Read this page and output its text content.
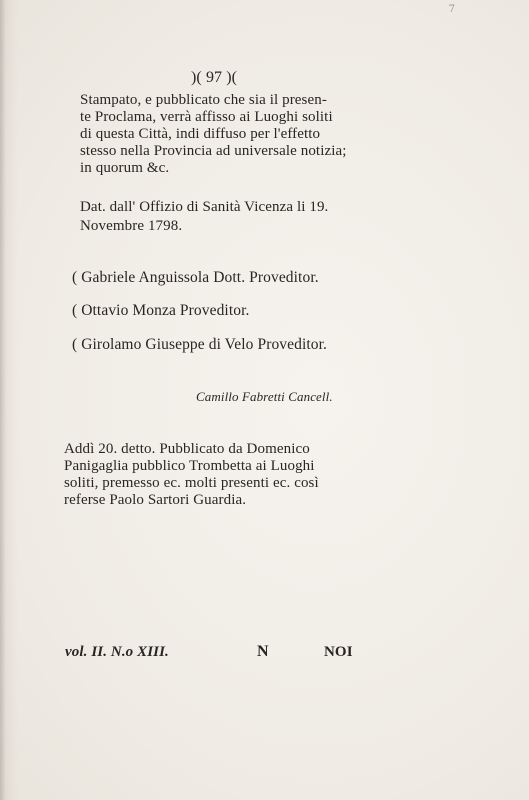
7
)( 97 )(
Stampato, e pubblicato che sia il presen-
te Proclama, verrà affisso ai Luoghi soliti
di questa Città, indi diffuso per l'effetto
stesso nella Provincia ad universale notizia;
in quorum &c.
Dat. dall' Offizio di Sanità Vicenza li 19.
Novembre 1798.
( Gabriele Anguissola Dott. Proveditor.
( Ottavio Monza Proveditor.
( Girolamo Giuseppe di Velo Proveditor.
Camillo Fabretti Cancell.
Addì 20. detto. Pubblicato da Domenico
Panigaglia pubblico Trombetta ai Luoghi
soliti, premesso ec. molti presenti ec. così
referse Paolo Sartori Guardia.
vol. II. N.o XIII.	N	NOI
